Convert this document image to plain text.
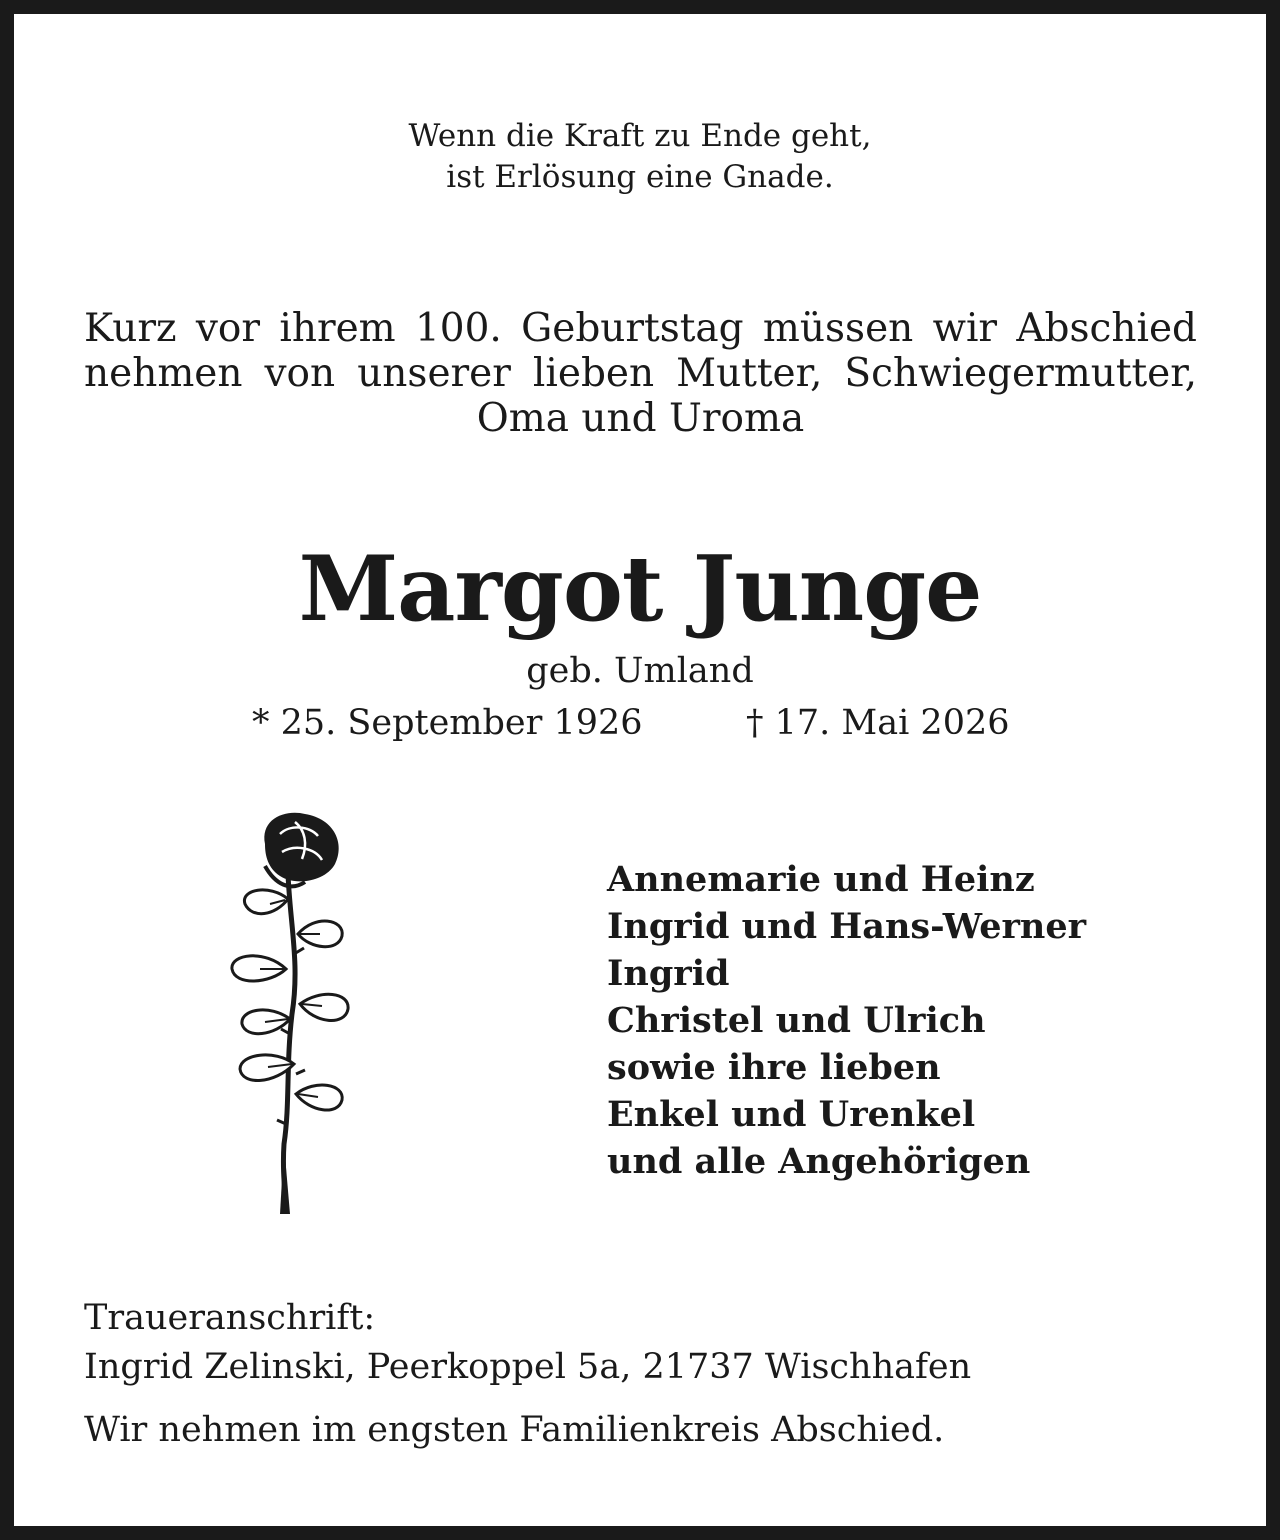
Wenn die Kraft zu Ende geht,
ist Erlösung eine Gnade.
Kurz vor ihrem 100. Geburtstag müssen wir Abschied
nehmen von unserer lieben Mutter, Schwiegermutter,
Oma und Uroma
Margot Junge
geb. Umland
* 25. September 1926	† 17. Mai 2026
Annemarie und Heinz
Ingrid und Hans-Werner
Ingrid
Christel und Ulrich
sowie ihre lieben
Enkel und Urenkel
und alle Angehörigen
Traueranschrift:
Ingrid Zelinski, Peerkoppel 5a, 21737 Wischhafen
Wir nehmen im engsten Familienkreis Abschied.
